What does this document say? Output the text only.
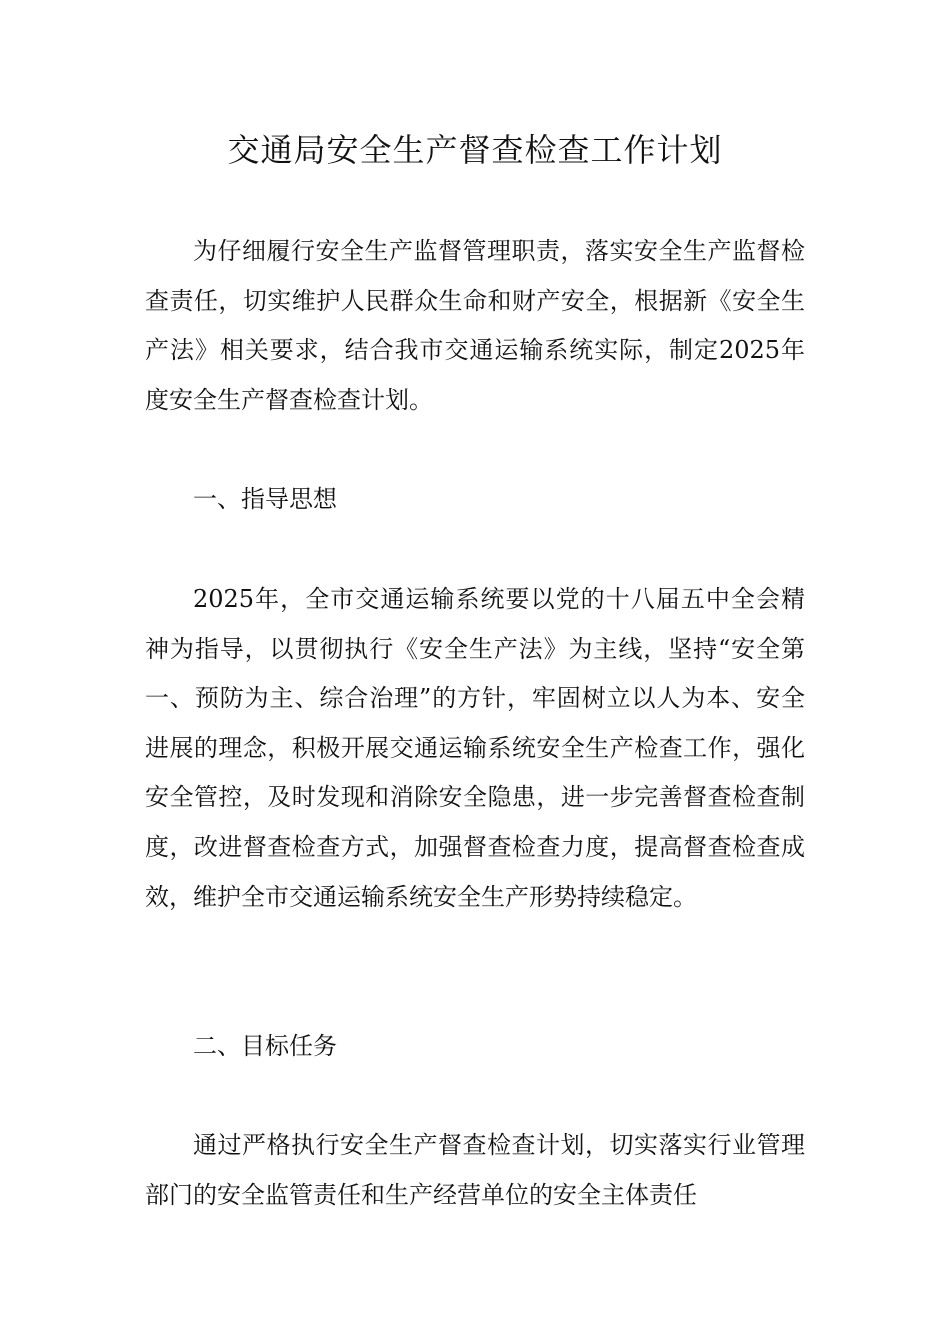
交通局安全生产督查检查工作计划

为仔细履行安全生产监督管理职责，落实安全生产监督检查责任，切实维护人民群众生命和财产安全，根据新《安全生产法》相关要求，结合我市交通运输系统实际，制定2025年度安全生产督查检查计划。

一、指导思想

2025年，全市交通运输系统要以党的十八届五中全会精神为指导，以贯彻执行《安全生产法》为主线，坚持“安全第一、预防为主、综合治理”的方针，牢固树立以人为本、安全进展的理念，积极开展交通运输系统安全生产检查工作，强化安全管控，及时发现和消除安全隐患，进一步完善督查检查制度，改进督查检查方式，加强督查检查力度，提高督查检查成效，维护全市交通运输系统安全生产形势持续稳定。

二、目标任务

通过严格执行安全生产督查检查计划，切实落实行业管理部门的安全监管责任和生产经营单位的安全主体责任
